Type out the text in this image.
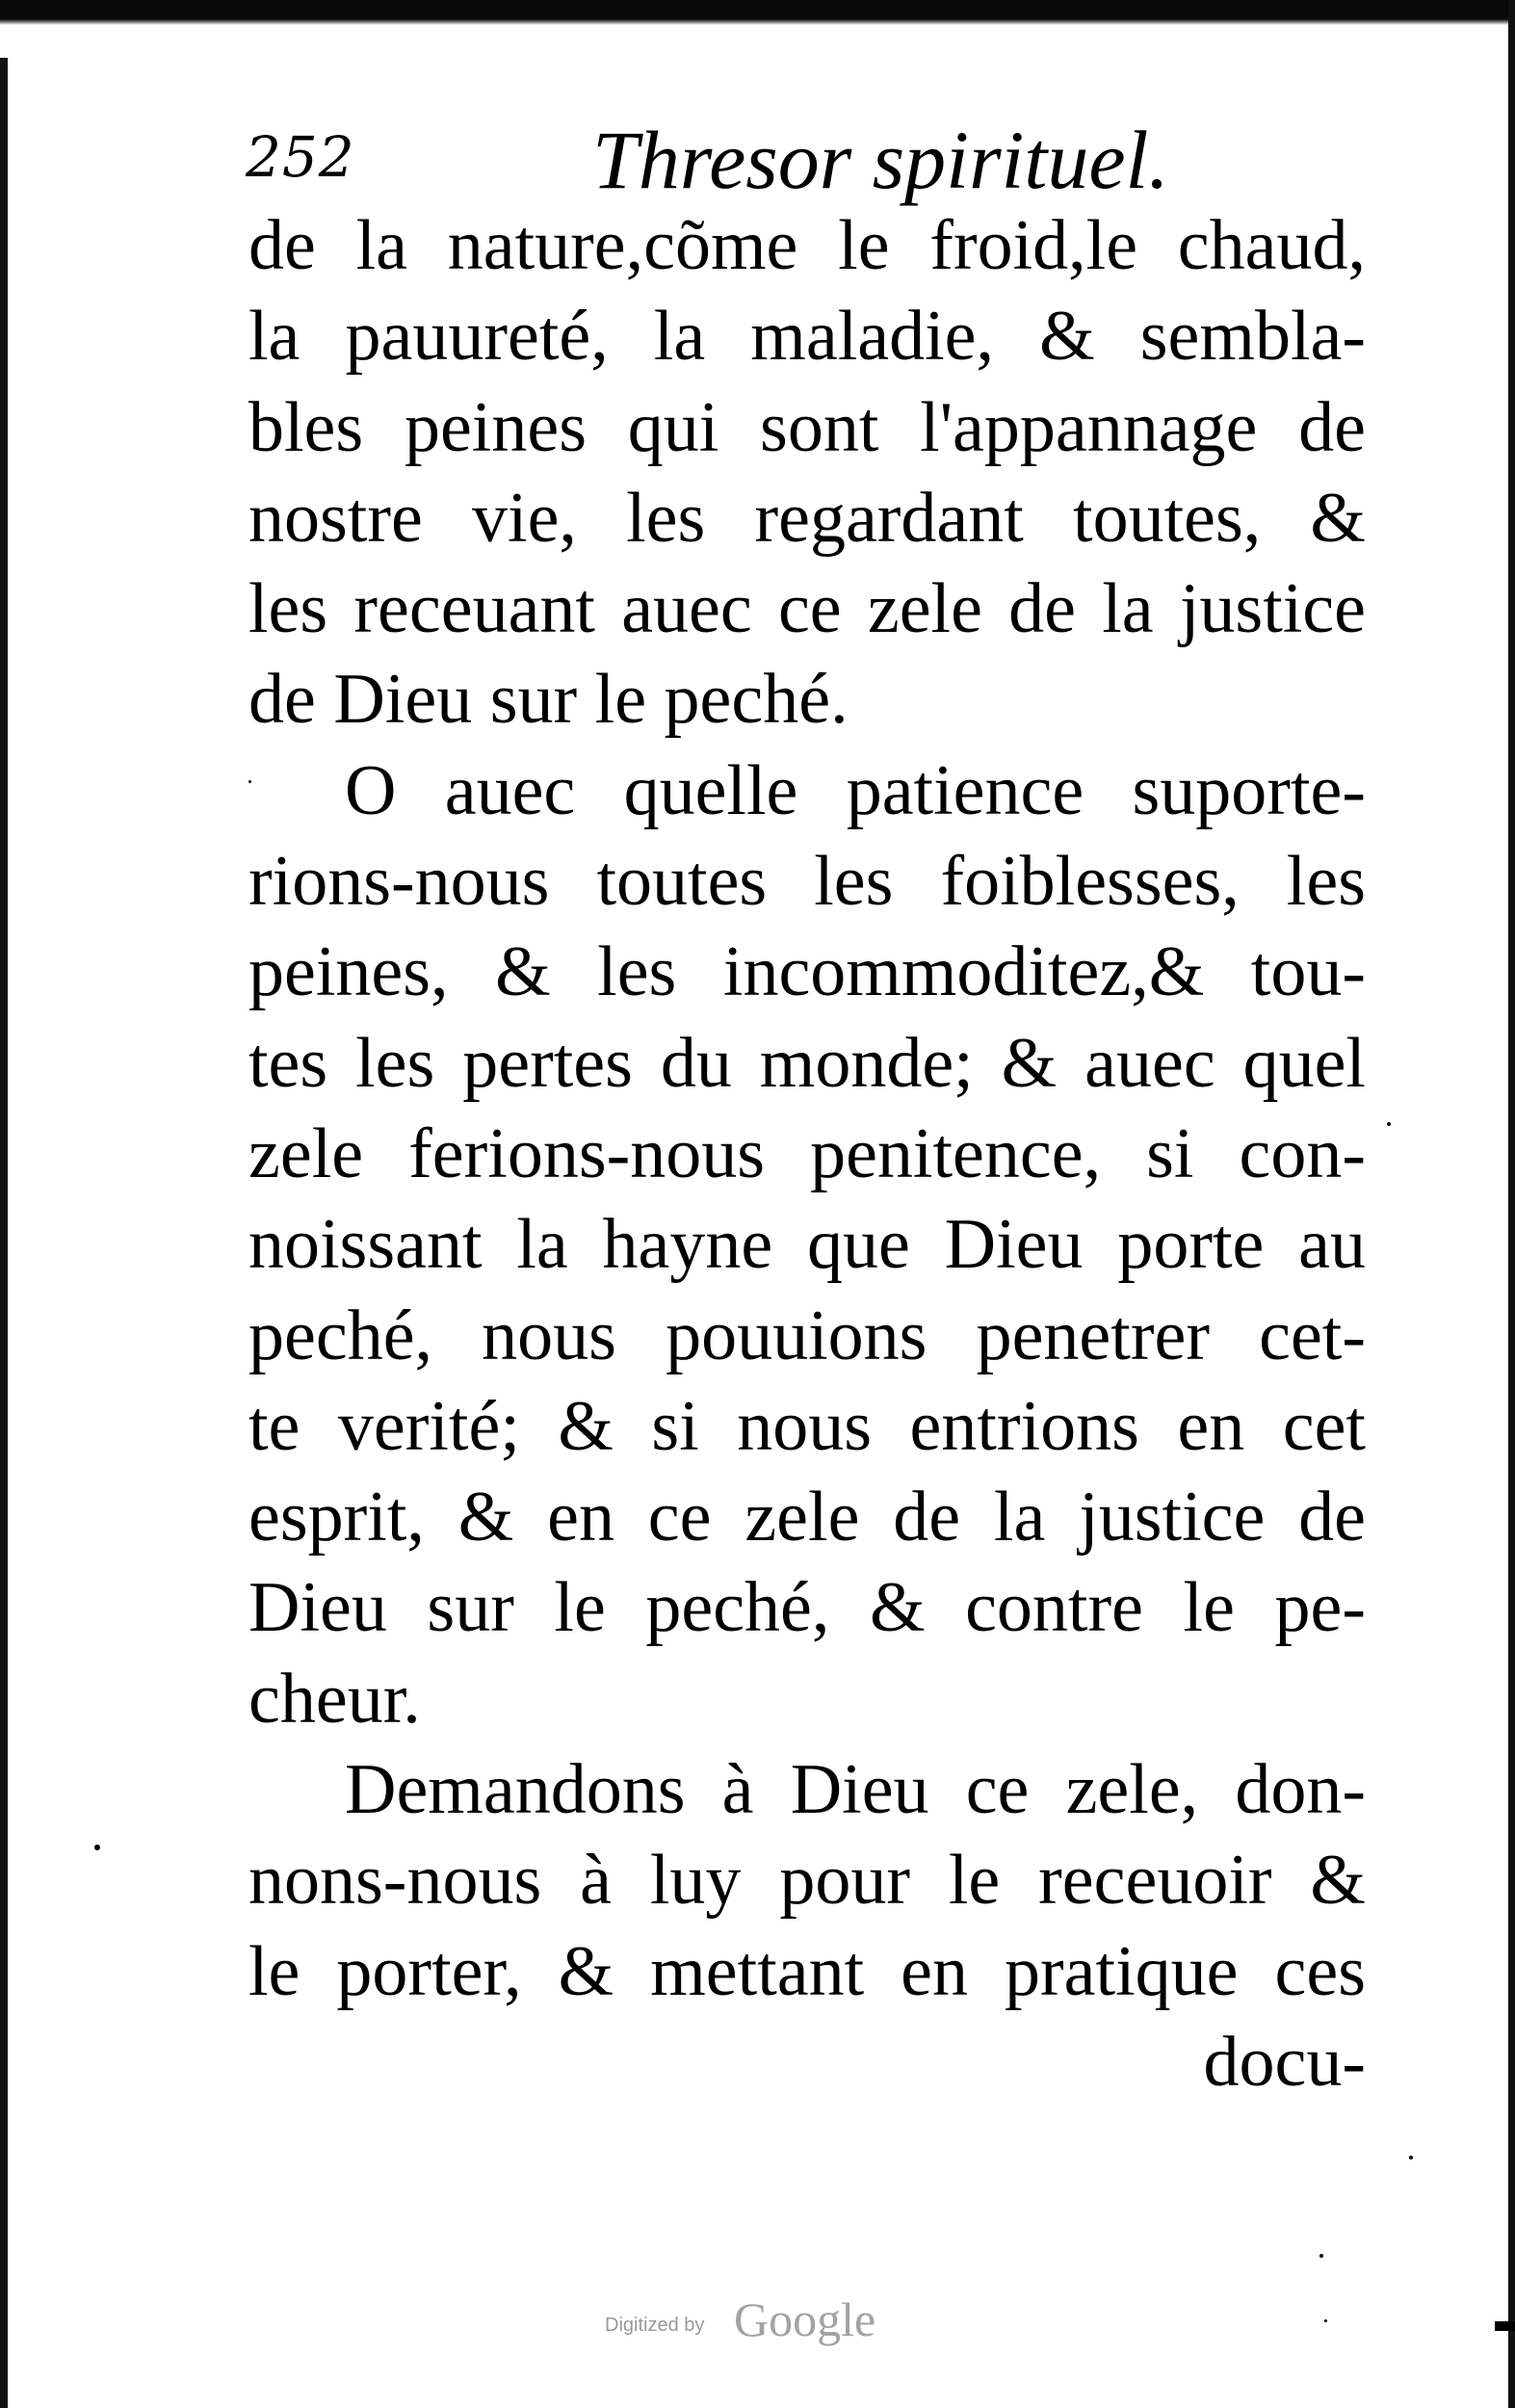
252	Thresor spirituel.
de la nature,cõme le froid,le chaud,
la pauureté, la maladie, & sembla-
bles peines qui sont l'appannage de
nostre vie, les regardant toutes, &
les receuant auec ce zele de la justice
de Dieu sur le peché.
O auec quelle patience suporte-
rions-nous toutes les foiblesses, les
peines, & les incommoditez,& tou-
tes les pertes du monde; & auec quel
zele ferions-nous penitence, si con-
noissant la hayne que Dieu porte au
peché, nous pouuions penetrer cet-
te verité; & si nous entrions en cet
esprit, & en ce zele de la justice de
Dieu sur le peché, & contre le pe-
cheur.
Demandons à Dieu ce zele, don-
nons-nous à luy pour le receuoir &
le porter, & mettant en pratique ces
docu-
Digitized by Google
